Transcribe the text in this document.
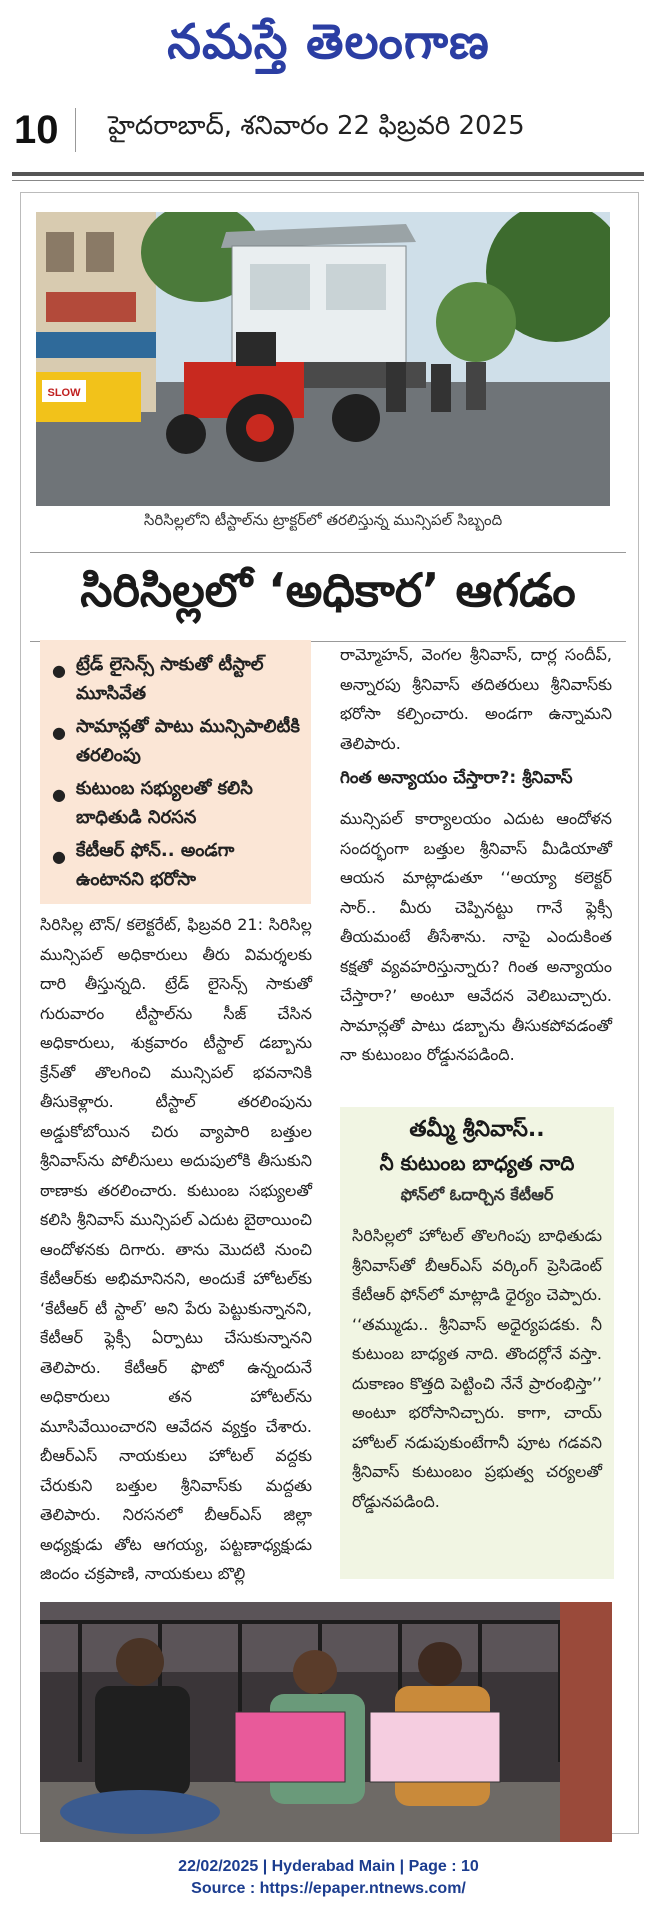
నమస్తే తెలంగాణ
10 హైదరాబాద్, శనివారం 22 ఫిబ్రవరి 2025
SLOW
సిరిసిల్లలోని టీస్టాల్‌ను ట్రాక్టర్‌లో తరలిస్తున్న మున్సిపల్ సిబ్బంది
సిరిసిల్లలో ‘అధికార’ ఆగడం
● ట్రేడ్ లైసెన్స్ సాకుతో టీస్టాల్ మూసివేత
● సామాన్లతో పాటు మున్సిపాలిటీకి తరలింపు
● కుటుంబ సభ్యులతో కలిసి బాధితుడి నిరసన
● కేటీఆర్ ఫోన్.. అండగా ఉంటానని భరోసా
సిరిసిల్ల టౌన్/ కలెక్టరేట్, ఫిబ్రవరి 21: సిరిసిల్ల మున్సిపల్ అధికారులు తీరు విమర్శలకు దారి తీస్తున్నది. ట్రేడ్ లైసెన్స్ సాకుతో గురువారం టీస్టాల్‌ను సీజ్ చేసిన అధికారులు, శుక్రవారం టీస్టాల్ డబ్బాను క్రేన్‌తో తొలగించి మున్సిపల్ భవనానికి తీసుకెళ్లారు. టీస్టాల్ తరలింపును అడ్డుకోబోయిన చిరు వ్యాపారి బత్తుల శ్రీనివాస్‌ను పోలీసులు అదుపులోకి తీసుకుని ఠాణాకు తరలించారు. కుటుంబ సభ్యులతో కలిసి శ్రీనివాస్ మున్సిపల్ ఎదుట బైఠాయించి ఆందోళనకు దిగారు. తాను మొదటి నుంచి కేటీఆర్‌కు అభిమానినని, అందుకే హోటల్‌కు ‘కేటీఆర్ టీ స్టాల్’ అని పేరు పెట్టుకున్నానని, కేటీఆర్ ఫ్లెక్సీ ఏర్పాటు చేసుకున్నానని తెలిపారు. కేటీఆర్ ఫొటో ఉన్నందునే అధికారులు తన హోటల్‌ను మూసివేయించారని ఆవేదన వ్యక్తం చేశారు. బీఆర్‌ఎస్ నాయకులు హోటల్ వద్దకు చేరుకుని బత్తుల శ్రీనివాస్‌కు మద్దతు తెలిపారు. నిరసనలో బీఆర్‌ఎస్ జిల్లా అధ్యక్షుడు తోట ఆగయ్య, పట్టణాధ్యక్షుడు జిందం చక్రపాణి, నాయకులు బొల్లి
రామ్మోహన్, వెంగల శ్రీనివాస్, దార్ల సందీప్, అన్నారపు శ్రీనివాస్ తదితరులు శ్రీనివాస్‌కు భరోసా కల్పించారు. అండగా ఉన్నామని తెలిపారు.
గింత అన్యాయం చేస్తారా?: శ్రీనివాస్
మున్సిపల్ కార్యాలయం ఎదుట ఆందోళన సందర్భంగా బత్తుల శ్రీనివాస్ మీడియాతో ఆయన మాట్లాడుతూ ‘‘అయ్యా కలెక్టర్ సార్.. మీరు చెప్పినట్టు గానే ఫ్లెక్సీ తీయమంటే తీసేశాను. నాపై ఎందుకింత కక్షతో వ్యవహరిస్తున్నారు? గింత అన్యాయం చేస్తారా?’ అంటూ ఆవేదన వెలిబుచ్చారు. సామాన్లతో పాటు డబ్బాను తీసుకపోవడంతో నా కుటుంబం రోడ్డునపడింది.
తమ్మీ శ్రీనివాస్..
నీ కుటుంబ బాధ్యత నాది
ఫోన్‌లో ఓదార్చిన కేటీఆర్
సిరిసిల్లలో హోటల్ తొలగింపు బాధితుడు శ్రీనివాస్‌తో బీఆర్‌ఎస్ వర్కింగ్ ప్రెసిడెంట్ కేటీఆర్ ఫోన్‌లో మాట్లాడి ధైర్యం చెప్పారు. ‘‘తమ్ముడు.. శ్రీనివాస్ అధైర్యపడకు. నీ కుటుంబ బాధ్యత నాది. తొందర్లోనే వస్తా. దుకాణం కొత్తది పెట్టించి నేనే ప్రారంభిస్తా’’ అంటూ భరోసానిచ్చారు. కాగా, చాయ్ హోటల్ నడుపుకుంటేగానీ పూట గడవని శ్రీనివాస్ కుటుంబం ప్రభుత్వ చర్యలతో రోడ్డునపడింది.
22/02/2025 | Hyderabad Main | Page : 10
Source : https://epaper.ntnews.com/
